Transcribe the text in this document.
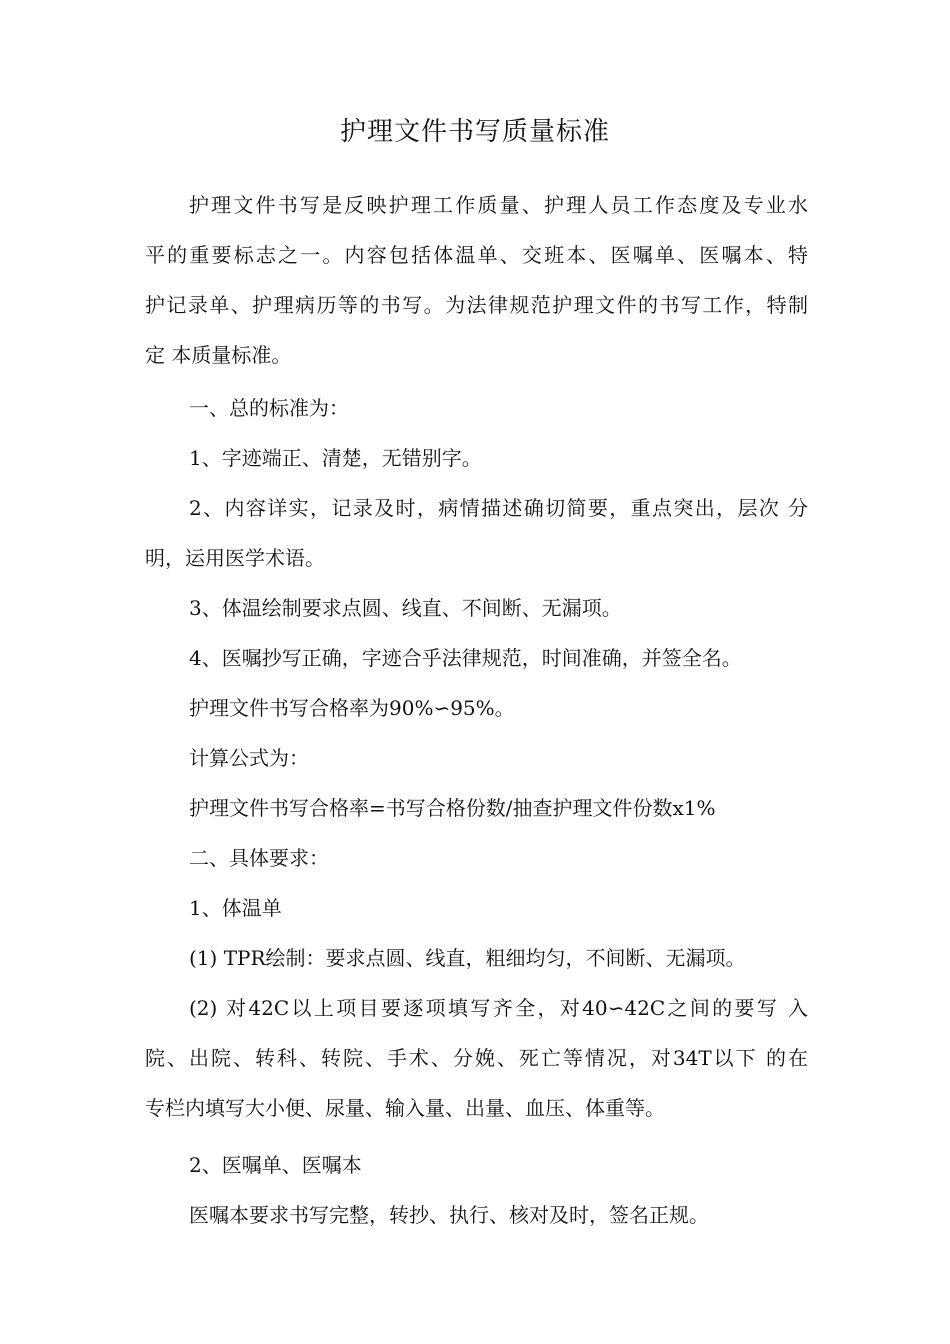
护理文件书写质量标准

护理文件书写是反映护理工作质量、护理人员工作态度及专业水

平的重要标志之一。内容包括体温单、交班本、医嘱单、医嘱本、特

护记录单、护理病历等的书写。为法律规范护理文件的书写工作，特制

定 本质量标准。

一、总的标准为：

1、字迹端正、清楚，无错别字。

2、内容详实，记录及时，病情描述确切简要，重点突出，层次 分

明，运用医学术语。

3、体温绘制要求点圆、线直、不间断、无漏项。

4、医嘱抄写正确，字迹合乎法律规范，时间准确，并签全名。

护理文件书写合格率为90%∽95%。

计算公式为：

护理文件书写合格率=书写合格份数/抽查护理文件份数x1%

二、具体要求：

1、体温单

(1) TPR绘制：要求点圆、线直，粗细均匀，不间断、无漏项。

(2) 对42C以上项目要逐项填写齐全，对40∽42C之间的要写 入

院、出院、转科、转院、手术、分娩、死亡等情况，对34T以下 的在

专栏内填写大小便、尿量、输入量、出量、血压、体重等。

2、医嘱单、医嘱本

医嘱本要求书写完整，转抄、执行、核对及时，签名正规。
